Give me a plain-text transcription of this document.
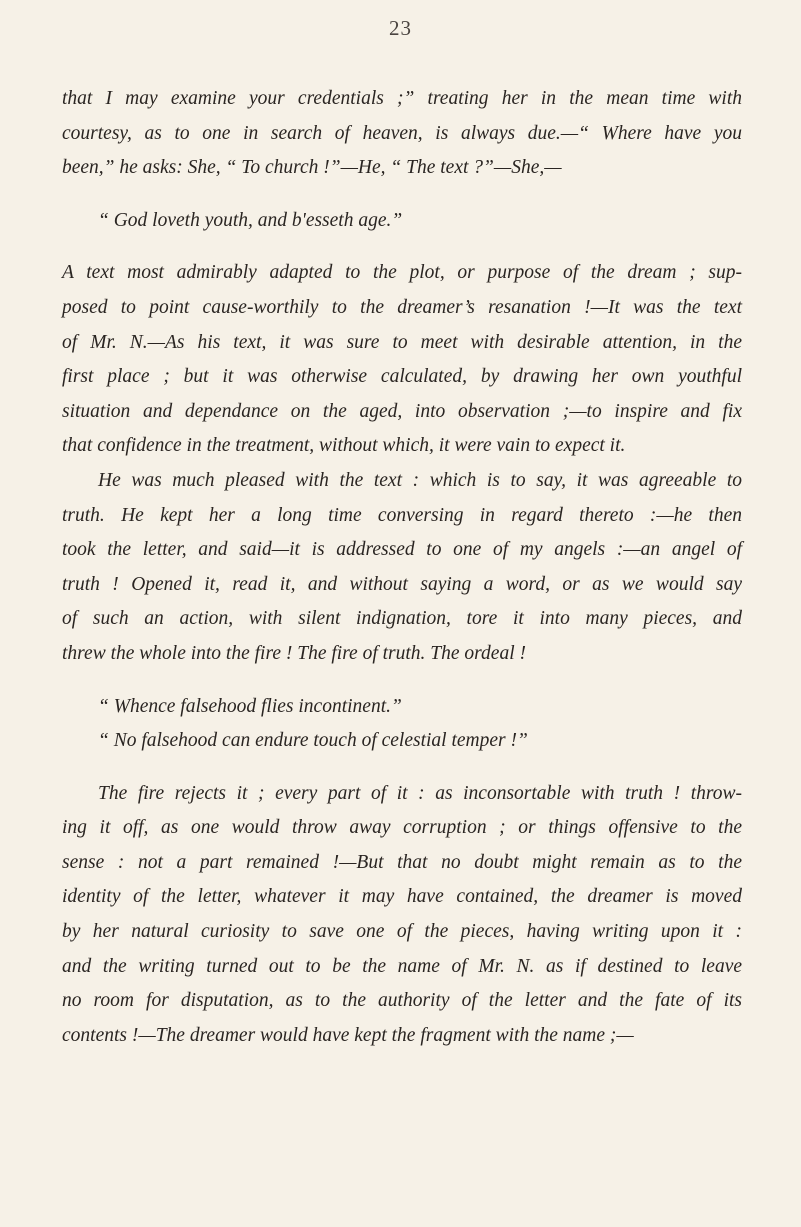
23
that I may examine your credentials ;” treating her in the mean time with
courtesy, as to one in search of heaven, is always due.—“ Where have you
been,” he asks: She, “ To church !”—He, “ The text ?”—She,—
“ God loveth youth, and b'esseth age.”
A text most admirably adapted to the plot, or purpose of the dream ; sup-
posed to point cause-worthily to the dreamer’s resanation !—It was the text
of Mr. N.—As his text, it was sure to meet with desirable attention, in the
first place ; but it was otherwise calculated, by drawing her own youthful
situation and dependance on the aged, into observation ;—to inspire and fix
that confidence in the treatment, without which, it were vain to expect it.
He was much pleased with the text : which is to say, it was agreeable to
truth. He kept her a long time conversing in regard thereto :—he then
took the letter, and said—it is addressed to one of my angels :—an angel of
truth ! Opened it, read it, and without saying a word, or as we would say
of such an action, with silent indignation, tore it into many pieces, and
threw the whole into the fire ! The fire of truth. The ordeal !
“ Whence falsehood flies incontinent.”
“ No falsehood can endure touch of celestial temper !”
The fire rejects it ; every part of it : as inconsortable with truth ! throw-
ing it off, as one would throw away corruption ; or things offensive to the
sense : not a part remained !—But that no doubt might remain as to the
identity of the letter, whatever it may have contained, the dreamer is moved
by her natural curiosity to save one of the pieces, having writing upon it :
and the writing turned out to be the name of Mr. N. as if destined to leave
no room for disputation, as to the authority of the letter and the fate of its
contents !—The dreamer would have kept the fragment with the name ;—
